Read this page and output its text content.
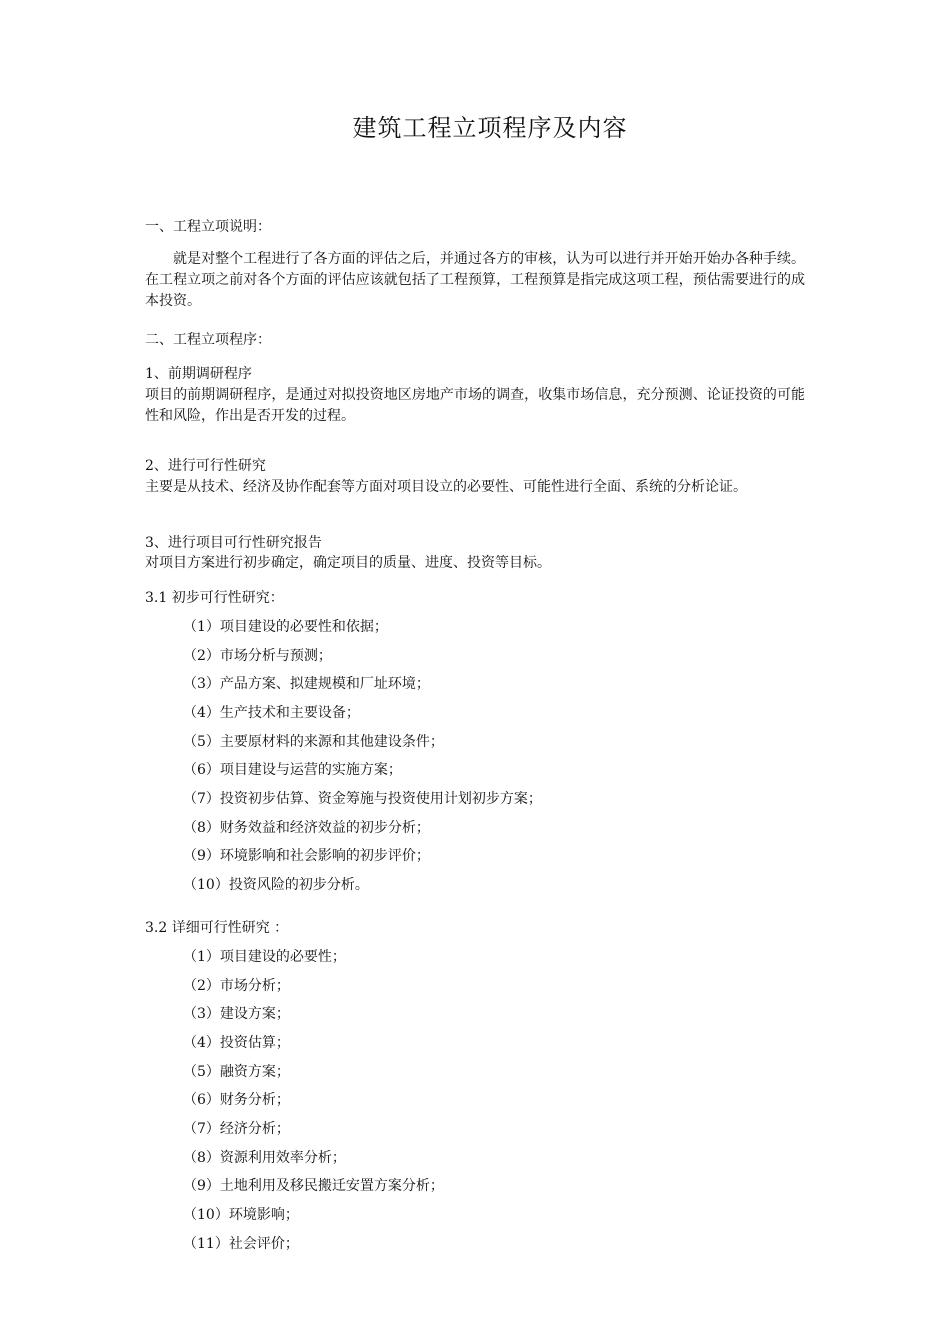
建筑工程立项程序及内容
一、工程立项说明：
就是对整个工程进行了各方面的评估之后，并通过各方的审核，认为可以进行并开始开始办各种手续。在工程立项之前对各个方面的评估应该就包括了工程预算，工程预算是指完成这项工程，预估需要进行的成本投资。
二、工程立项程序：
1、前期调研程序
项目的前期调研程序，是通过对拟投资地区房地产市场的调查，收集市场信息，充分预测、论证投资的可能性和风险，作出是否开发的过程。
2、进行可行性研究
主要是从技术、经济及协作配套等方面对项目设立的必要性、可能性进行全面、系统的分析论证。
3、进行项目可行性研究报告
对项目方案进行初步确定，确定项目的质量、进度、投资等目标。
3.1 初步可行性研究：
（1）项目建设的必要性和依据；
（2）市场分析与预测；
（3）产品方案、拟建规模和厂址环境；
（4）生产技术和主要设备；
（5）主要原材料的来源和其他建设条件；
（6）项目建设与运营的实施方案；
（7）投资初步估算、资金筹施与投资使用计划初步方案；
（8）财务效益和经济效益的初步分析；
（9）环境影响和社会影响的初步评价；
（10）投资风险的初步分析。
3.2 详细可行性研究 ：
（1）项目建设的必要性；
（2）市场分析；
（3）建设方案；
（4）投资估算；
（5）融资方案；
（6）财务分析；
（7）经济分析；
（8）资源利用效率分析；
（9）土地利用及移民搬迁安置方案分析；
（10）环境影响；
（11）社会评价；
